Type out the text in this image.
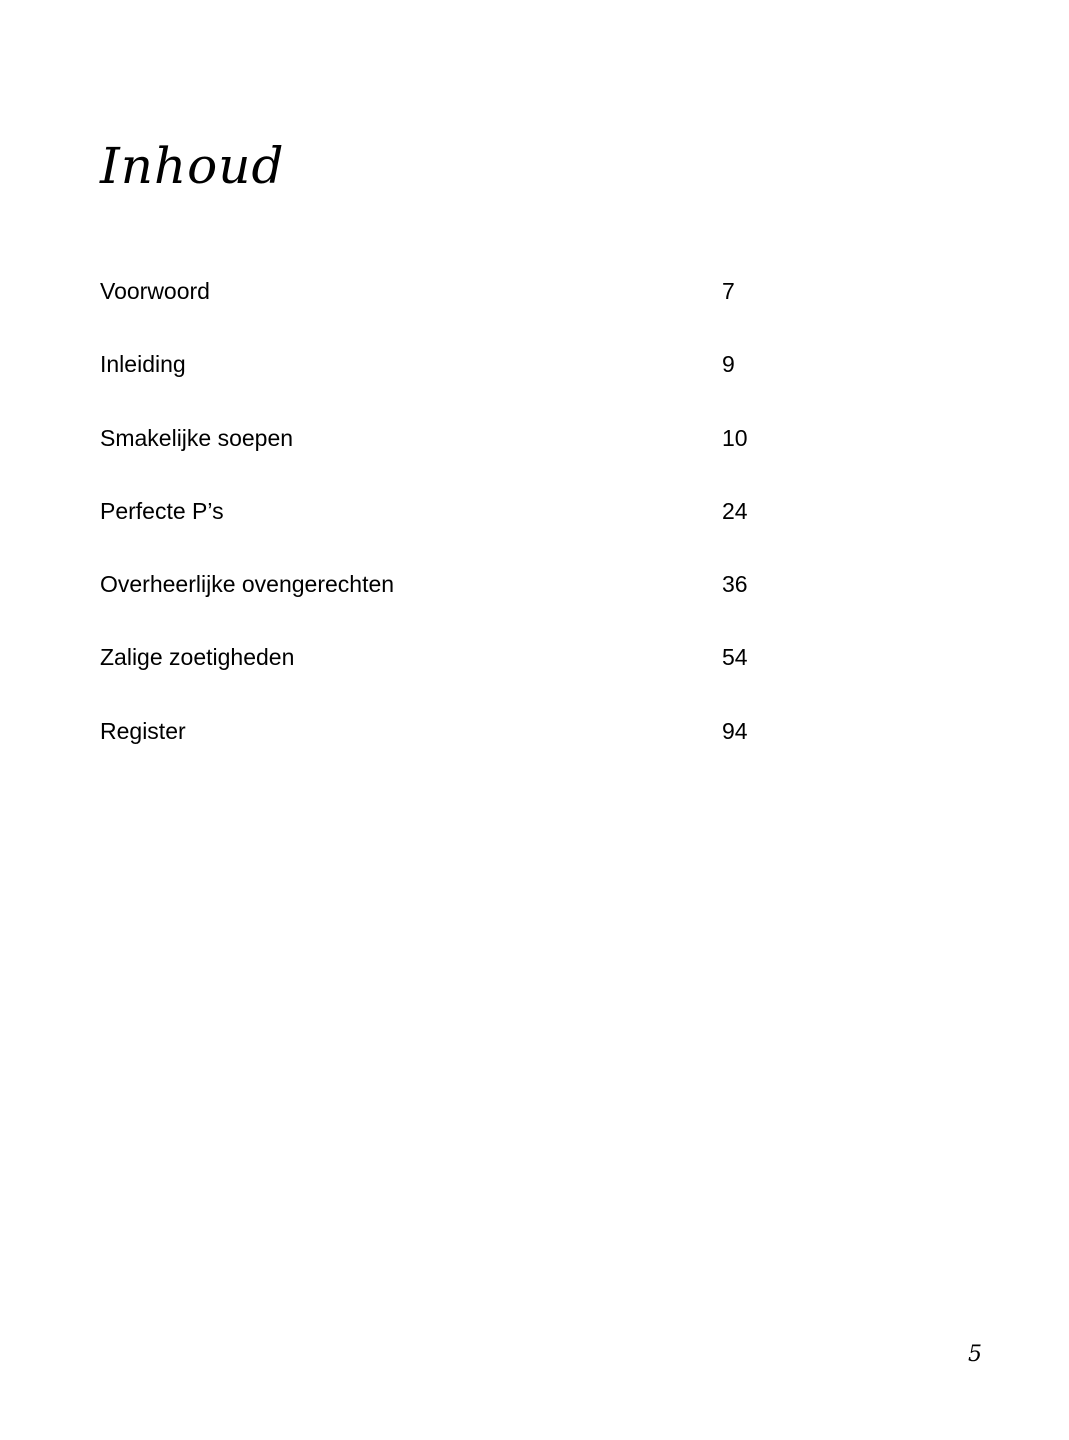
Inhoud
Voorwoord	7
Inleiding	9
Smakelijke soepen	10
Perfecte P’s	24
Overheerlijke ovengerechten	36
Zalige zoetigheden	54
Register	94
5
